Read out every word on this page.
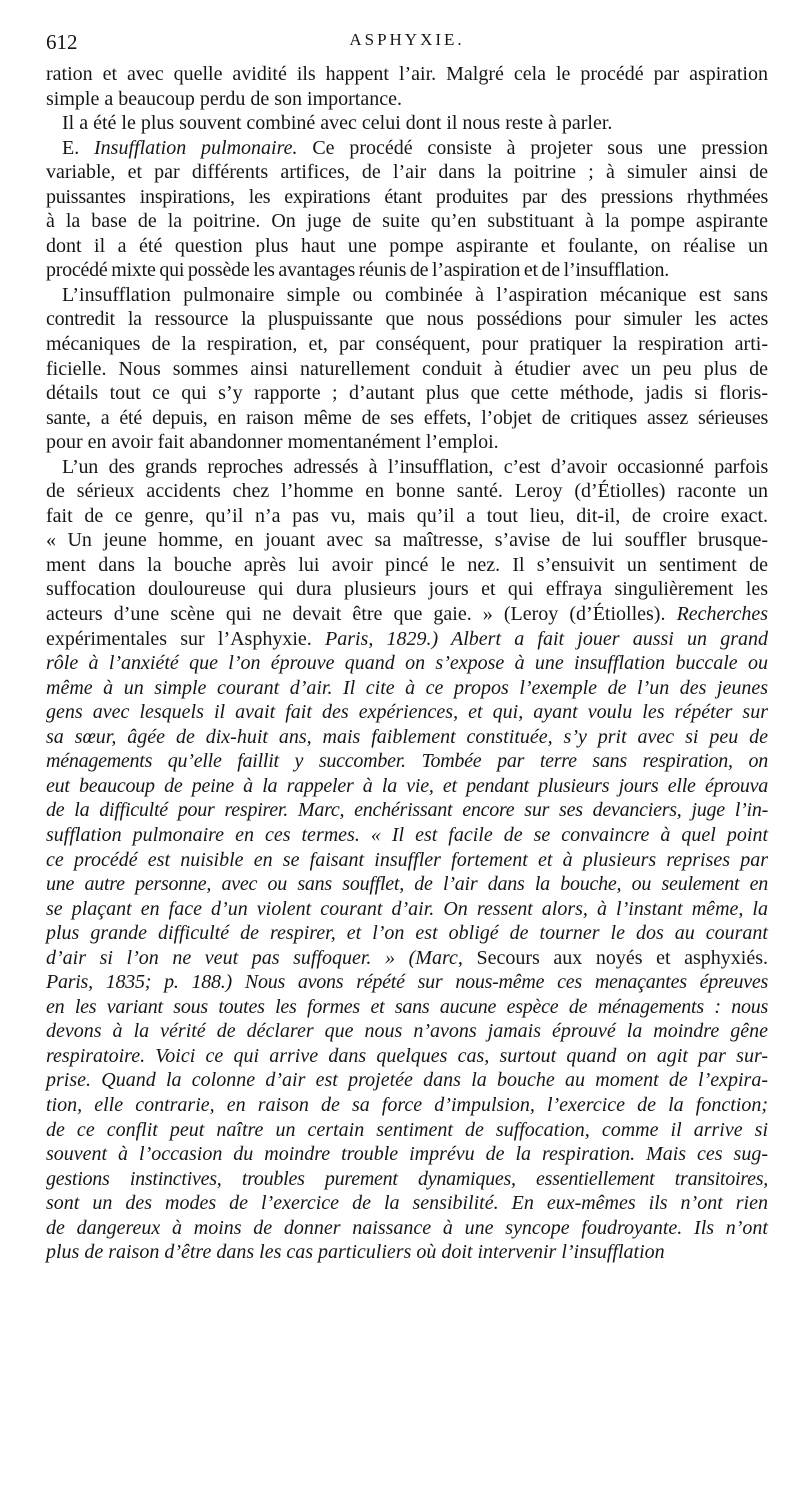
612	ASPHYXIE.
ration et avec quelle avidité ils happent l’air. Malgré cela le procédé par aspiration
simple a beaucoup perdu de son importance.
Il a été le plus souvent combiné avec celui dont il nous reste à parler.
E. Insufflation pulmonaire. Ce procédé consiste à projeter sous une pression
variable, et par différents artifices, de l’air dans la poitrine ; à simuler ainsi de
puissantes inspirations, les expirations étant produites par des pressions rhythmées
à la base de la poitrine. On juge de suite qu’en substituant à la pompe aspirante
dont il a été question plus haut une pompe aspirante et foulante, on réalise un
procédé mixte qui possède les avantages réunis de l’aspiration et de l’insufflation.
L’insufflation pulmonaire simple ou combinée à l’aspiration mécanique est sans
contredit la ressource la pluspuissante que nous possédions pour simuler les actes
mécaniques de la respiration, et, par conséquent, pour pratiquer la respiration arti-
ficielle. Nous sommes ainsi naturellement conduit à étudier avec un peu plus de
détails tout ce qui s’y rapporte ; d’autant plus que cette méthode, jadis si floris-
sante, a été depuis, en raison même de ses effets, l’objet de critiques assez sérieuses
pour en avoir fait abandonner momentanément l’emploi.
L’un des grands reproches adressés à l’insufflation, c’est d’avoir occasionné parfois
de sérieux accidents chez l’homme en bonne santé. Leroy (d’Étiolles) raconte un
fait de ce genre, qu’il n’a pas vu, mais qu’il a tout lieu, dit-il, de croire exact.
« Un jeune homme, en jouant avec sa maîtresse, s’avise de lui souffler brusque-
ment dans la bouche après lui avoir pincé le nez. Il s’ensuivit un sentiment de
suffocation douloureuse qui dura plusieurs jours et qui effraya singulièrement les
acteurs d’une scène qui ne devait être que gaie. » (Leroy (d’Étiolles). Recherches
expérimentales sur l’Asphyxie. Paris, 1829.) Albert a fait jouer aussi un grand
rôle à l’anxiété que l’on éprouve quand on s’expose à une insufflation buccale ou
même à un simple courant d’air. Il cite à ce propos l’exemple de l’un des jeunes
gens avec lesquels il avait fait des expériences, et qui, ayant voulu les répéter sur
sa sœur, âgée de dix-huit ans, mais faiblement constituée, s’y prit avec si peu de
ménagements qu’elle faillit y succomber. Tombée par terre sans respiration, on
eut beaucoup de peine à la rappeler à la vie, et pendant plusieurs jours elle éprouva
de la difficulté pour respirer. Marc, enchérissant encore sur ses devanciers, juge l’in-
sufflation pulmonaire en ces termes. « Il est facile de se convaincre à quel point
ce procédé est nuisible en se faisant insuffler fortement et à plusieurs reprises par
une autre personne, avec ou sans soufflet, de l’air dans la bouche, ou seulement en
se plaçant en face d’un violent courant d’air. On ressent alors, à l’instant même, la
plus grande difficulté de respirer, et l’on est obligé de tourner le dos au courant
d’air si l’on ne veut pas suffoquer. » (Marc, Secours aux noyés et asphyxiés.
Paris, 1835; p. 188.) Nous avons répété sur nous-même ces menaçantes épreuves
en les variant sous toutes les formes et sans aucune espèce de ménagements : nous
devons à la vérité de déclarer que nous n’avons jamais éprouvé la moindre gêne
respiratoire. Voici ce qui arrive dans quelques cas, surtout quand on agit par sur-
prise. Quand la colonne d’air est projetée dans la bouche au moment de l’expira-
tion, elle contrarie, en raison de sa force d’impulsion, l’exercice de la fonction;
de ce conflit peut naître un certain sentiment de suffocation, comme il arrive si
souvent à l’occasion du moindre trouble imprévu de la respiration. Mais ces sug-
gestions instinctives, troubles purement dynamiques, essentiellement transitoires,
sont un des modes de l’exercice de la sensibilité. En eux-mêmes ils n’ont rien
de dangereux à moins de donner naissance à une syncope foudroyante. Ils n’ont
plus de raison d’être dans les cas particuliers où doit intervenir l’insufflation
